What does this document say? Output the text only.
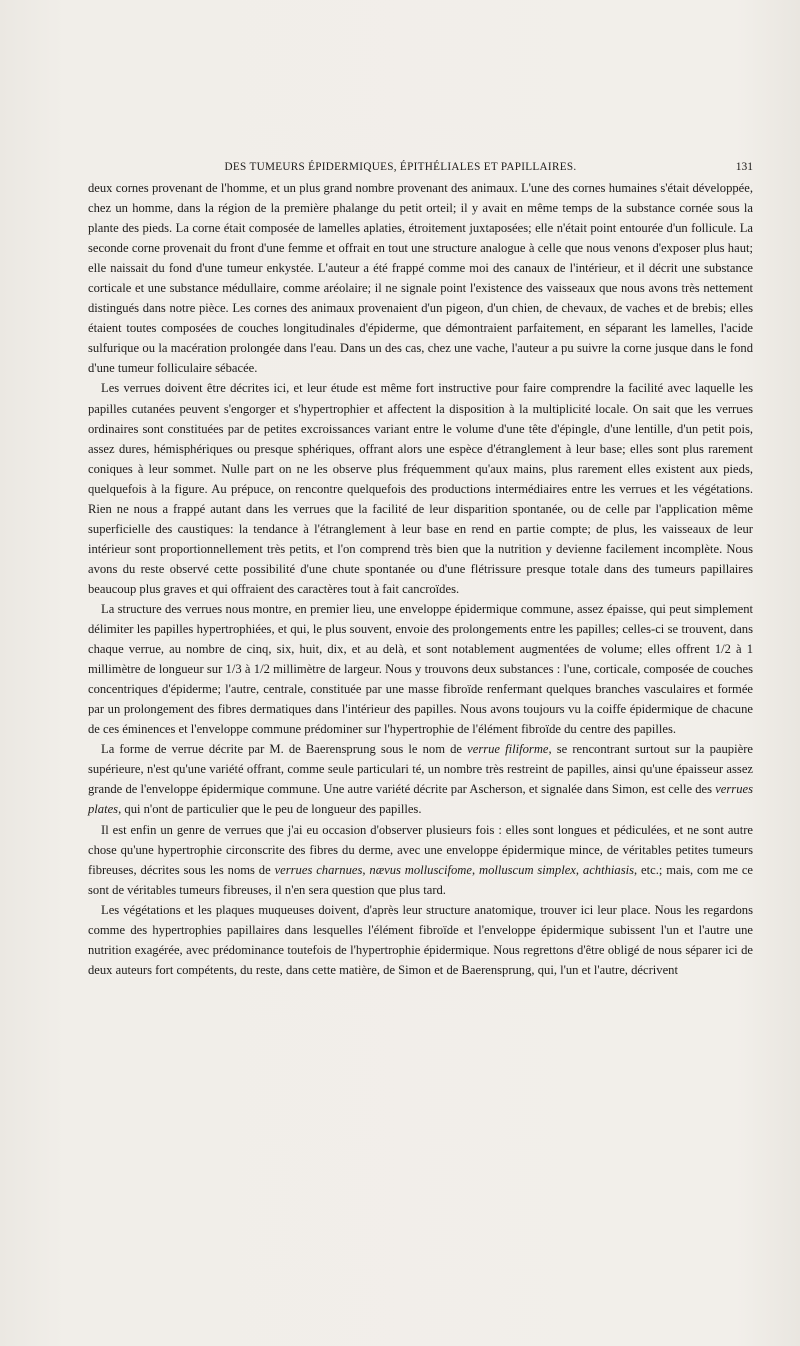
DES TUMEURS ÉPIDERMIQUES, ÉPITHÉLIALES ET PAPILLAIRES.	131

deux cornes provenant de l'homme, et un plus grand nombre provenant des animaux. L'une des cornes humaines s'était développée, chez un homme, dans la région de la première phalange du petit orteil; il y avait en même temps de la substance cornée sous la plante des pieds. La corne était composée de lamelles aplaties, étroitement juxtaposées; elle n'était point entourée d'un follicule. La seconde corne provenait du front d'une femme et offrait en tout une structure analogue à celle que nous venons d'exposer plus haut; elle naissait du fond d'une tumeur enkystée. L'auteur a été frappé comme moi des canaux de l'intérieur, et il décrit une substance corticale et une substance médullaire, comme aréolaire; il ne signale point l'existence des vaisseaux que nous avons très nettement distingués dans notre pièce. Les cornes des animaux provenaient d'un pigeon, d'un chien, de chevaux, de vaches et de brebis; elles étaient toutes composées de couches longitudinales d'épiderme, que démontraient parfaitement, en séparant les lamelles, l'acide sulfurique ou la macération prolongée dans l'eau. Dans un des cas, chez une vache, l'auteur a pu suivre la corne jusque dans le fond d'une tumeur folliculaire sébacée.

Les verrues doivent être décrites ici, et leur étude est même fort instructive pour faire comprendre la facilité avec laquelle les papilles cutanées peuvent s'engorger et s'hypertrophier et affectent la disposition à la multiplicité locale. On sait que les verrues ordinaires sont constituées par de petites excroissances variant entre le volume d'une tête d'épingle, d'une lentille, d'un petit pois, assez dures, hémisphériques ou presque sphériques, offrant alors une espèce d'étranglement à leur base; elles sont plus rarement coniques à leur sommet. Nulle part on ne les observe plus fréquemment qu'aux mains, plus rarement elles existent aux pieds, quelquefois à la figure. Au prépuce, on rencontre quelquefois des productions intermédiaires entre les verrues et les végétations. Rien ne nous a frappé autant dans les verrues que la facilité de leur disparition spontanée, ou de celle par l'application même superficielle des caustiques: la tendance à l'étranglement à leur base en rend en partie compte; de plus, les vaisseaux de leur intérieur sont proportionnellement très petits, et l'on comprend très bien que la nutrition y devienne facilement incomplète. Nous avons du reste observé cette possibilité d'une chute spontanée ou d'une flétrissure presque totale dans des tumeurs papillaires beaucoup plus graves et qui offraient des caractères tout à fait cancroïdes.

La structure des verrues nous montre, en premier lieu, une enveloppe épidermique commune, assez épaisse, qui peut simplement délimiter les papilles hypertrophiées, et qui, le plus souvent, envoie des prolongements entre les papilles; celles-ci se trouvent, dans chaque verrue, au nombre de cinq, six, huit, dix, et au delà, et sont notablement augmentées de volume; elles offrent 1/2 à 1 millimètre de longueur sur 1/3 à 1/2 millimètre de largeur. Nous y trouvons deux substances : l'une, corticale, composée de couches concentriques d'épiderme; l'autre, centrale, constituée par une masse fibroïde renfermant quelques branches vasculaires et formée par un prolongement des fibres dermatiques dans l'intérieur des papilles. Nous avons toujours vu la coiffe épidermique de chacune de ces éminences et l'enveloppe commune prédominer sur l'hypertrophie de l'élément fibroïde du centre des papilles.

La forme de verrue décrite par M. de Baerensprung sous le nom de verrue filiforme, se rencontrant surtout sur la paupière supérieure, n'est qu'une variété offrant, comme seule particulari té, un nombre très restreint de papilles, ainsi qu'une épaisseur assez grande de l'enveloppe épidermique commune. Une autre variété décrite par Ascherson, et signalée dans Simon, est celle des verrues plates, qui n'ont de particulier que le peu de longueur des papilles.

Il est enfin un genre de verrues que j'ai eu occasion d'observer plusieurs fois : elles sont longues et pédiculées, et ne sont autre chose qu'une hypertrophie circonscrite des fibres du derme, avec une enveloppe épidermique mince, de véritables petites tumeurs fibreuses, décrites sous les noms de verrues charnues, nævus molluscifome, molluscum simplex, achthiasis, etc.; mais, com me ce sont de véritables tumeurs fibreuses, il n'en sera question que plus tard.

Les végétations et les plaques muqueuses doivent, d'après leur structure anatomique, trouver ici leur place. Nous les regardons comme des hypertrophies papillaires dans lesquelles l'élément fibroïde et l'enveloppe épidermique subissent l'un et l'autre une nutrition exagérée, avec prédominance toutefois de l'hypertrophie épidermique. Nous regrettons d'être obligé de nous séparer ici de deux auteurs fort compétents, du reste, dans cette matière, de Simon et de Baerensprung, qui, l'un et l'autre, décrivent
